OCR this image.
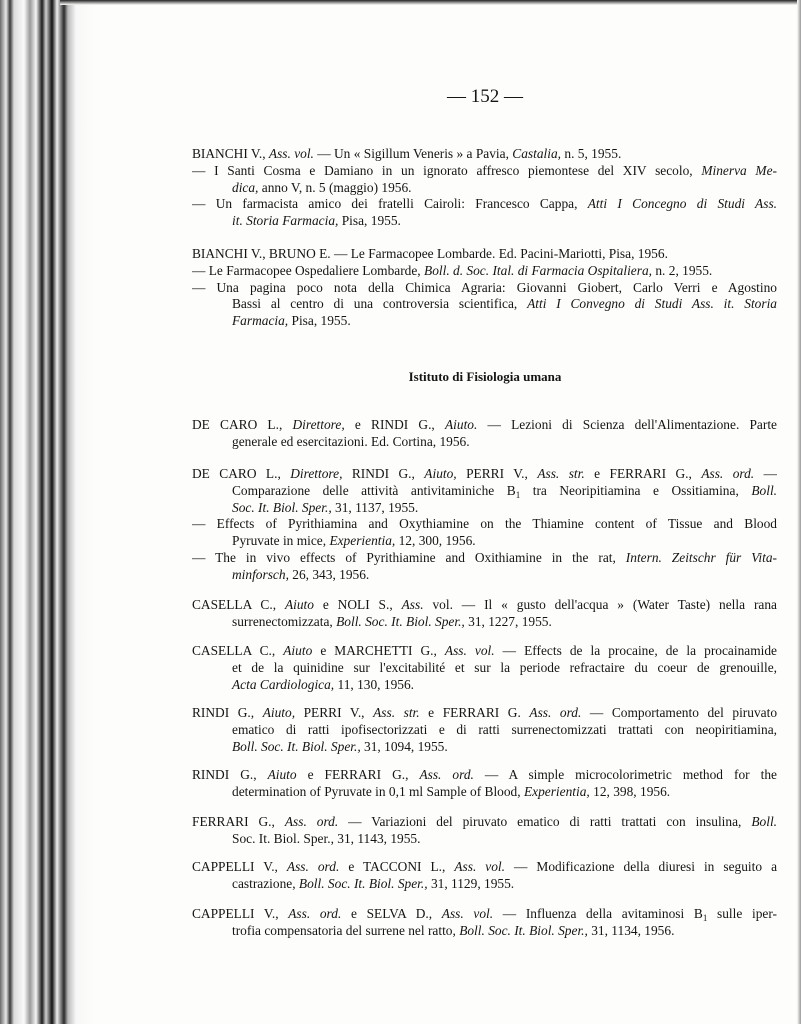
— 152 —
Istituto di Fisiologia umana
BIANCHI V., Ass. vol. — Un « Sigillum Veneris » a Pavia, Castalia, n. 5, 1955.
— I Santi Cosma e Damiano in un ignorato affresco piemontese del XIV secolo, Minerva Me-
dica, anno V, n. 5 (maggio) 1956.
— Un farmacista amico dei fratelli Cairoli: Francesco Cappa, Atti I Concegno di Studi Ass.
it. Storia Farmacia, Pisa, 1955.
BIANCHI V., BRUNO E. — Le Farmacopee Lombarde. Ed. Pacini-Mariotti, Pisa, 1956.
— Le Farmacopee Ospedaliere Lombarde, Boll. d. Soc. Ital. di Farmacia Ospitaliera, n. 2, 1955.
— Una pagina poco nota della Chimica Agraria: Giovanni Giobert, Carlo Verri e Agostino
Bassi al centro di una controversia scientifica, Atti I Convegno di Studi Ass. it. Storia
Farmacia, Pisa, 1955.
DE CARO L., Direttore, e RINDI G., Aiuto. — Lezioni di Scienza dell'Alimentazione. Parte
generale ed esercitazioni. Ed. Cortina, 1956.
DE CARO L., Direttore, RINDI G., Aiuto, PERRI V., Ass. str. e FERRARI G., Ass. ord. —
Comparazione delle attività antivitaminiche $B_1$ tra Neoripitiamina e Ossitiamina, Boll.
Soc. It. Biol. Sper., 31, 1137, 1955.
— Effects of Pyrithiamina and Oxythiamine on the Thiamine content of Tissue and Blood
Pyruvate in mice, Experientia, 12, 300, 1956.
— The in vivo effects of Pyrithiamine and Oxithiamine in the rat, Intern. Zeitschr für Vita-
minforsch, 26, 343, 1956.
CASELLA C., Aiuto e NOLI S., Ass. vol. — Il « gusto dell'acqua » (Water Taste) nella rana
surrenectomizzata, Boll. Soc. It. Biol. Sper., 31, 1227, 1955.
CASELLA C., Aiuto e MARCHETTI G., Ass. vol. — Effects de la procaine, de la procainamide
et de la quinidine sur l'excitabilité et sur la periode refractaire du coeur de grenouille,
Acta Cardiologica, 11, 130, 1956.
RINDI G., Aiuto, PERRI V., Ass. str. e FERRARI G. Ass. ord. — Comportamento del piruvato
ematico di ratti ipofisectorizzati e di ratti surrenectomizzati trattati con neopiritiamina,
Boll. Soc. It. Biol. Sper., 31, 1094, 1955.
RINDI G., Aiuto e FERRARI G., Ass. ord. — A simple microcolorimetric method for the
determination of Pyruvate in 0,1 ml Sample of Blood, Experientia, 12, 398, 1956.
FERRARI G., Ass. ord. — Variazioni del piruvato ematico di ratti trattati con insulina, Boll.
Soc. It. Biol. Sper., 31, 1143, 1955.
CAPPELLI V., Ass. ord. e TACCONI L., Ass. vol. — Modificazione della diuresi in seguito a
castrazione, Boll. Soc. It. Biol. Sper., 31, 1129, 1955.
CAPPELLI V., Ass. ord. e SELVA D., Ass. vol. — Influenza della avitaminosi $B_1$ sulle iper-
trofia compensatoria del surrene nel ratto, Boll. Soc. It. Biol. Sper., 31, 1134, 1956.
